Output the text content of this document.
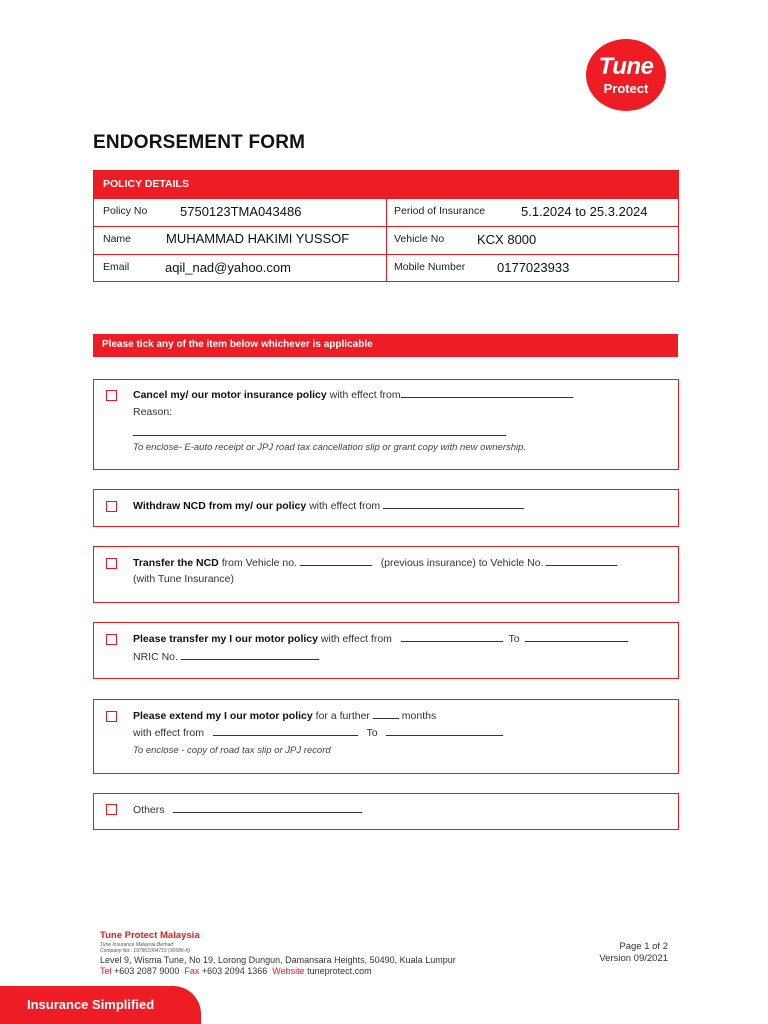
Tune
Protect
ENDORSEMENT FORM
POLICY DETAILS
Policy No	5750123TMA043486	Period of Insurance	5.1.2024 to 25.3.2024
Name	MUHAMMAD HAKIMI YUSSOF	Vehicle No	KCX 8000
Email	aqil_nad@yahoo.com	Mobile Number 0177023933
Please tick any of the item below whichever is applicable
Cancel my/ our motor insurance policy with effect from
Reason:
To enclose- E-auto receipt or JPJ road tax cancellation slip or grant copy with new ownership.
Withdraw NCD from my/ our policy with effect from
Transfer the NCD from Vehicle no.	(previous insurance) to Vehicle No.
(with Tune Insurance)
Please transfer my I our motor policy with effect from	To
NRIC No.
Please extend my I our motor policy for a further	months
with effect from	To
To enclose - copy of road tax slip or JPJ record
Others
Tune Protect Malaysia
Tune Insurance Malaysia Berhad
Company No.: 197801004719 (30686-K)
Level 9, Wisma Tune, No 19, Lorong Dungun, Damansara Heights, 50490, Kuala Lumpur
Tel +603 2087 9000 Fax +603 2094 1366 Website tuneprotect.com
Page 1 of 2
Version 09/2021
Insurance Simplified
